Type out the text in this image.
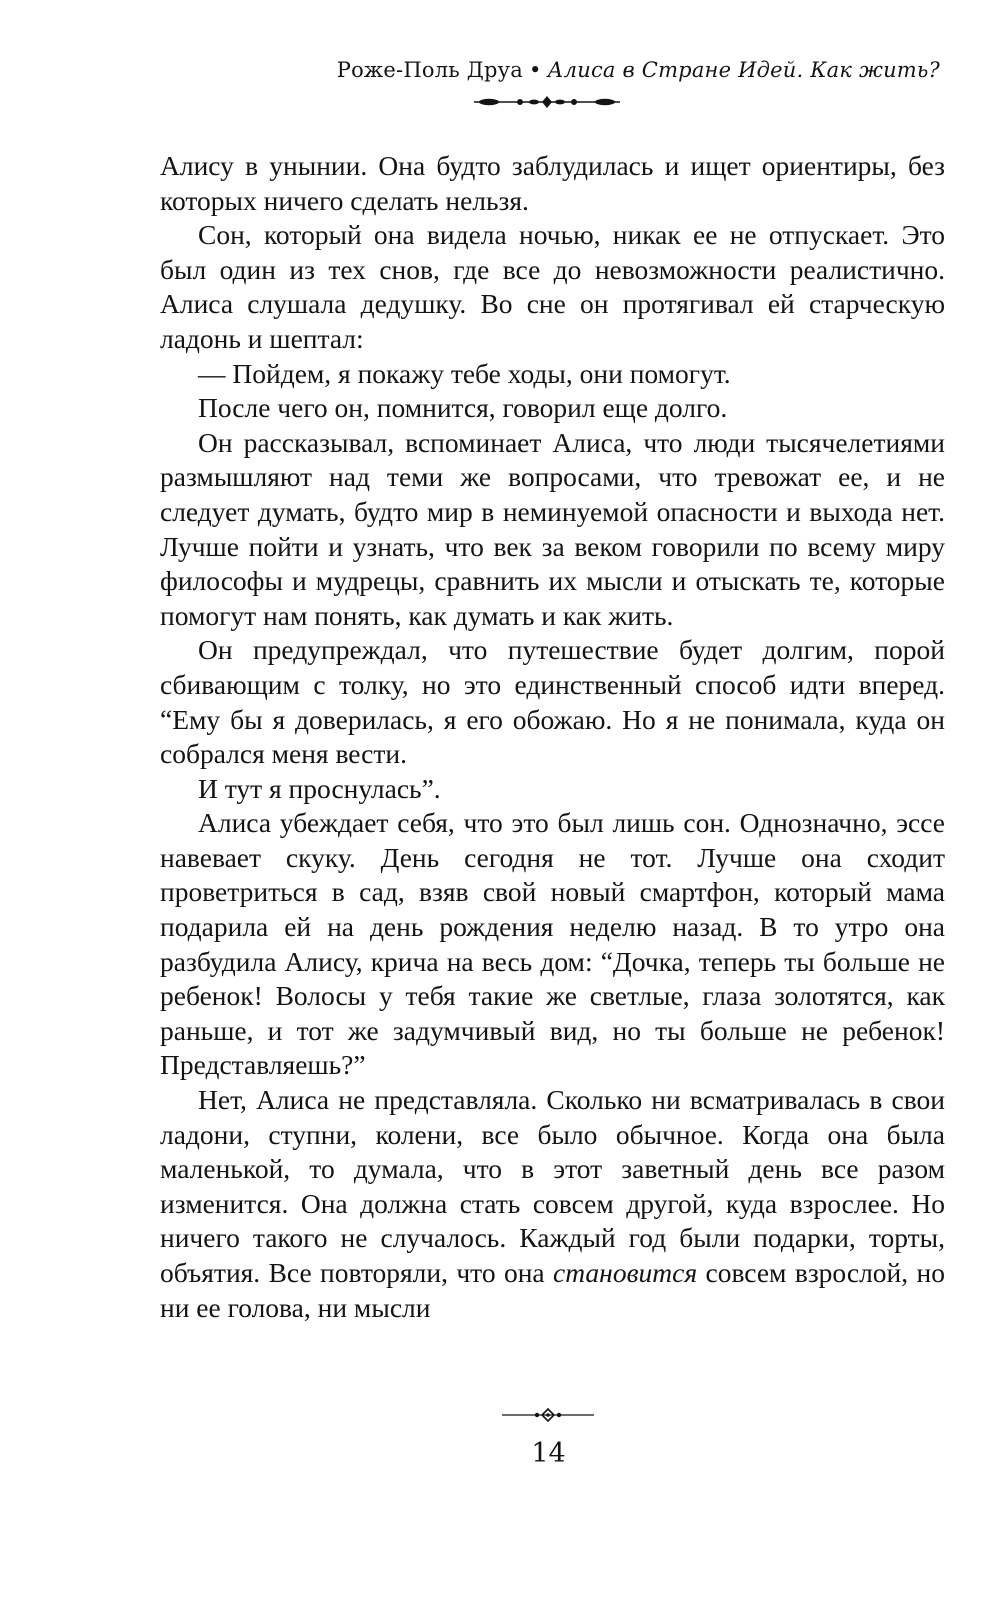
Роже-Поль Друа • Алиса в Стране Идей. Как жить?

Алису в унынии. Она будто заблудилась и ищет ориентиры, без которых ничего сделать нельзя.

Сон, который она видела ночью, никак ее не отпускает. Это был один из тех снов, где все до невозможности реалистично. Алиса слушала дедушку. Во сне он протягивал ей старческую ладонь и шептал:

— Пойдем, я покажу тебе ходы, они помогут.

После чего он, помнится, говорил еще долго.

Он рассказывал, вспоминает Алиса, что люди тысячелетиями размышляют над теми же вопросами, что тревожат ее, и не следует думать, будто мир в неминуемой опасности и выхода нет. Лучше пойти и узнать, что век за веком говорили по всему миру философы и мудрецы, сравнить их мысли и отыскать те, которые помогут нам понять, как думать и как жить.

Он предупреждал, что путешествие будет долгим, порой сбивающим с толку, но это единственный способ идти вперед. “Ему бы я доверилась, я его обожаю. Но я не понимала, куда он собрался меня вести.

И тут я проснулась”.

Алиса убеждает себя, что это был лишь сон. Однозначно, эссе навевает скуку. День сегодня не тот. Лучше она сходит проветриться в сад, взяв свой новый смартфон, который мама подарила ей на день рождения неделю назад. В то утро она разбудила Алису, крича на весь дом: “Дочка, теперь ты больше не ребенок! Волосы у тебя такие же светлые, глаза золотятся, как раньше, и тот же задумчивый вид, но ты больше не ребенок! Представляешь?”

Нет, Алиса не представляла. Сколько ни всматривалась в свои ладони, ступни, колени, все было обычное. Когда она была маленькой, то думала, что в этот заветный день все разом изменится. Она должна стать совсем другой, куда взрослее. Но ничего такого не случалось. Каждый год были подарки, торты, объятия. Все повторяли, что она становится совсем взрослой, но ни ее голова, ни мысли

14
